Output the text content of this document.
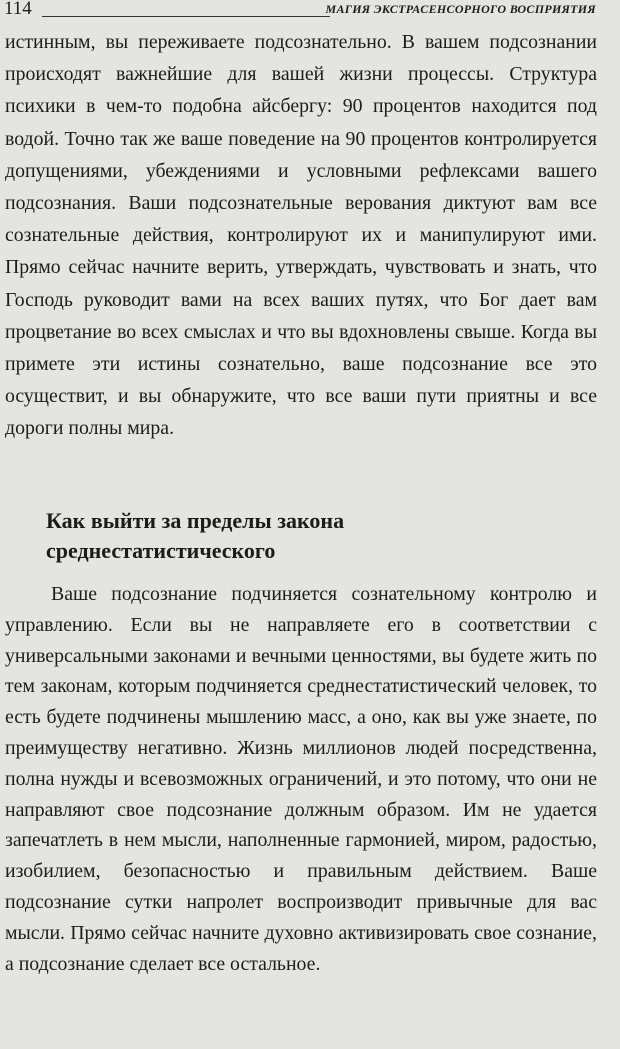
114	МАГИЯ ЭКСТРАСЕНСОРНОГО ВОСПРИЯТИЯ

истинным, вы переживаете подсознательно. В вашем подсознании происходят важнейшие для вашей жизни процессы. Структура психики в чем-то подобна айсбергу: 90 процентов находится под водой. Точно так же ваше поведение на 90 процентов контролируется допущениями, убеждениями и условными рефлексами вашего подсознания. Ваши подсознательные верования диктуют вам все сознательные действия, контролируют их и манипулируют ими. Прямо сейчас начните верить, утверждать, чувствовать и знать, что Господь руководит вами на всех ваших путях, что Бог дает вам процветание во всех смыслах и что вы вдохновлены свыше. Когда вы примете эти истины сознательно, ваше подсознание все это осуществит, и вы обнаружите, что все ваши пути приятны и все дороги полны мира.

Как выйти за пределы закона среднестатистического

Ваше подсознание подчиняется сознательному контролю и управлению. Если вы не направляете его в соответствии с универсальными законами и вечными ценностями, вы будете жить по тем законам, которым подчиняется среднестатистический человек, то есть будете подчинены мышлению масс, а оно, как вы уже знаете, по преимуществу негативно. Жизнь миллионов людей посредственна, полна нужды и всевозможных ограничений, и это потому, что они не направляют свое подсознание должным образом. Им не удается запечатлеть в нем мысли, наполненные гармонией, миром, радостью, изобилием, безопасностью и правильным действием. Ваше подсознание сутки напролет воспроизводит привычные для вас мысли. Прямо сейчас начните духовно активизировать свое сознание, а подсознание сделает все остальное.
